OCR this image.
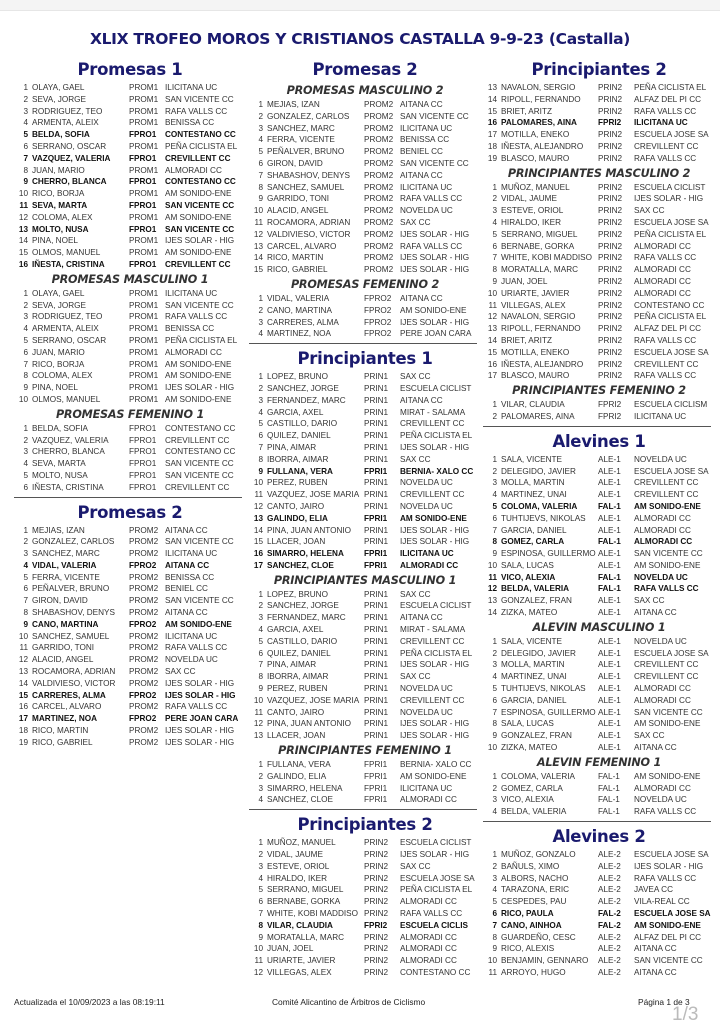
XLIX TROFEO MOROS Y CRISTIANOS CASTALLA 9-9-23 (Castalla)
Promesas 1
1 OLAYA, GAEL	PROM1 ILICITANA UC
2 SEVA, JORGE	PROM1 SAN VICENTE CC
3 RODRIGUEZ, TEO	PROM1 RAFA VALLS CC
4 ARMENTA, ALEIX	PROM1 BENISSA CC
5 BELDA, SOFIA	FPRO1	CONTESTANO CC
6 SERRANO, OSCAR	PROM1 PEÑA CICLISTA EL
7 VAZQUEZ, VALERIA	FPRO1	CREVILLENT CC
8 JUAN, MARIO	PROM1 ALMORADI CC
9 CHERRO, BLANCA	FPRO1	CONTESTANO CC
10 RICO, BORJA	PROM1 AM SONIDO-ENE
11 SEVA, MARTA	FPRO1	SAN VICENTE CC
12 COLOMA, ALEX	PROM1 AM SONIDO-ENE
13 MOLTO, NUSA	FPRO1	SAN VICENTE CC
14 PINA, NOEL	PROM1 IJES SOLAR - HIG
15 OLMOS, MANUEL	PROM1 AM SONIDO-ENE
16 IÑESTA, CRISTINA	FPRO1	CREVILLENT CC
PROMESAS MASCULINO 1
1 OLAYA, GAEL	PROM1 ILICITANA UC
2 SEVA, JORGE	PROM1 SAN VICENTE CC
3 RODRIGUEZ, TEO	PROM1 RAFA VALLS CC
4 ARMENTA, ALEIX	PROM1 BENISSA CC
5 SERRANO, OSCAR	PROM1 PEÑA CICLISTA EL
6 JUAN, MARIO	PROM1 ALMORADI CC
7 RICO, BORJA	PROM1 AM SONIDO-ENE
8 COLOMA, ALEX	PROM1 AM SONIDO-ENE
9 PINA, NOEL	PROM1 IJES SOLAR - HIG
10 OLMOS, MANUEL	PROM1 AM SONIDO-ENE
PROMESAS FEMENINO 1
1 BELDA, SOFIA	FPRO1	CONTESTANO CC
2 VAZQUEZ, VALERIA	FPRO1	CREVILLENT CC
3 CHERRO, BLANCA	FPRO1	CONTESTANO CC
4 SEVA, MARTA	FPRO1	SAN VICENTE CC
5 MOLTO, NUSA	FPRO1	SAN VICENTE CC
6 IÑESTA, CRISTINA	FPRO1	CREVILLENT CC
Promesas 2
1 MEJIAS, IZAN	PROM2 AITANA CC
2 GONZALEZ, CARLOS	PROM2 SAN VICENTE CC
3 SANCHEZ, MARC	PROM2 ILICITANA UC
4 VIDAL, VALERIA	FPRO2	AITANA CC
5 FERRA, VICENTE	PROM2 BENISSA CC
6 PEÑALVER, BRUNO	PROM2 BENIEL CC
7 GIRON, DAVID	PROM2 SAN VICENTE CC
8 SHABASHOV, DENYS	PROM2 AITANA CC
9 CANO, MARTINA	FPRO2	AM SONIDO-ENE
10 SANCHEZ, SAMUEL	PROM2 ILICITANA UC
11 GARRIDO, TONI	PROM2 RAFA VALLS CC
12 ALACID, ANGEL	PROM2 NOVELDA UC
13 ROCAMORA, ADRIAN	PROM2 SAX CC
14 VALDIVIESO, VICTOR	PROM2 IJES SOLAR - HIG
15 CARRERES, ALMA	FPRO2	IJES SOLAR - HIG
16 CARCEL, ALVARO	PROM2 RAFA VALLS CC
17 MARTINEZ, NOA	FPRO2	PERE JOAN CARA
18 RICO, MARTIN	PROM2 IJES SOLAR - HIG
19 RICO, GABRIEL	PROM2 IJES SOLAR - HIG
Promesas 2
PROMESAS MASCULINO 2
1 MEJIAS, IZAN	PROM2 AITANA CC
2 GONZALEZ, CARLOS	PROM2 SAN VICENTE CC
3 SANCHEZ, MARC	PROM2 ILICITANA UC
4 FERRA, VICENTE	PROM2 BENISSA CC
5 PEÑALVER, BRUNO	PROM2 BENIEL CC
6 GIRON, DAVID	PROM2 SAN VICENTE CC
7 SHABASHOV, DENYS	PROM2 AITANA CC
8 SANCHEZ, SAMUEL	PROM2 ILICITANA UC
9 GARRIDO, TONI	PROM2 RAFA VALLS CC
10 ALACID, ANGEL	PROM2 NOVELDA UC
11 ROCAMORA, ADRIAN	PROM2 SAX CC
12 VALDIVIESO, VICTOR	PROM2 IJES SOLAR - HIG
13 CARCEL, ALVARO	PROM2 RAFA VALLS CC
14 RICO, MARTIN	PROM2 IJES SOLAR - HIG
15 RICO, GABRIEL	PROM2 IJES SOLAR - HIG
PROMESAS FEMENINO 2
1 VIDAL, VALERIA	FPRO2	AITANA CC
2 CANO, MARTINA	FPRO2	AM SONIDO-ENE
3 CARRERES, ALMA	FPRO2	IJES SOLAR - HIG
4 MARTINEZ, NOA	FPRO2	PERE JOAN CARA
Principiantes 1
1 LOPEZ, BRUNO	PRIN1	SAX CC
2 SANCHEZ, JORGE	PRIN1	ESCUELA CICLIST
3 FERNANDEZ, MARC	PRIN1	AITANA CC
4 GARCIA, AXEL	PRIN1	MIRAT - SALAMA
5 CASTILLO, DARIO	PRIN1	CREVILLENT CC
6 QUILEZ, DANIEL	PRIN1	PEÑA CICLISTA EL
7 PINA, AIMAR	PRIN1	IJES SOLAR - HIG
8 IBORRA, AIMAR	PRIN1	SAX CC
9 FULLANA, VERA	FPRI1	BERNIA- XALO CC
10 PEREZ, RUBEN	PRIN1	NOVELDA UC
11 VAZQUEZ, JOSE MARIA PRIN1	CREVILLENT CC
12 CANTO, JAIRO	PRIN1	NOVELDA UC
13 GALINDO, ELIA	FPRI1	AM SONIDO-ENE
14 PINA, JUAN ANTONIO	PRIN1	IJES SOLAR - HIG
15 LLACER, JOAN	PRIN1	IJES SOLAR - HIG
16 SIMARRO, HELENA	FPRI1	ILICITANA UC
17 SANCHEZ, CLOE	FPRI1	ALMORADI CC
PRINCIPIANTES MASCULINO 1
1 LOPEZ, BRUNO	PRIN1	SAX CC
2 SANCHEZ, JORGE	PRIN1	ESCUELA CICLIST
3 FERNANDEZ, MARC	PRIN1	AITANA CC
4 GARCIA, AXEL	PRIN1	MIRAT - SALAMA
5 CASTILLO, DARIO	PRIN1	CREVILLENT CC
6 QUILEZ, DANIEL	PRIN1	PEÑA CICLISTA EL
7 PINA, AIMAR	PRIN1	IJES SOLAR - HIG
8 IBORRA, AIMAR	PRIN1	SAX CC
9 PEREZ, RUBEN	PRIN1	NOVELDA UC
10 VAZQUEZ, JOSE MARIA PRIN1	CREVILLENT CC
11 CANTO, JAIRO	PRIN1	NOVELDA UC
12 PINA, JUAN ANTONIO	PRIN1	IJES SOLAR - HIG
13 LLACER, JOAN	PRIN1	IJES SOLAR - HIG
PRINCIPIANTES FEMENINO 1
1 FULLANA, VERA	FPRI1	BERNIA- XALO CC
2 GALINDO, ELIA	FPRI1	AM SONIDO-ENE
3 SIMARRO, HELENA	FPRI1	ILICITANA UC
4 SANCHEZ, CLOE	FPRI1	ALMORADI CC
Principiantes 2
1 MUÑOZ, MANUEL	PRIN2	ESCUELA CICLIST
2 VIDAL, JAUME	PRIN2	IJES SOLAR - HIG
3 ESTEVE, ORIOL	PRIN2	SAX CC
4 HIRALDO, IKER	PRIN2	ESCUELA JOSE SA
5 SERRANO, MIGUEL	PRIN2	PEÑA CICLISTA EL
6 BERNABE, GORKA	PRIN2	ALMORADI CC
7 WHITE, KOBI MADDISO PRIN2	RAFA VALLS CC
8 VILAR, CLAUDIA	FPRI2	ESCUELA CICLIS
9 MORATALLA, MARC	PRIN2	ALMORADI CC
10 JUAN, JOEL	PRIN2	ALMORADI CC
11 URIARTE, JAVIER	PRIN2	ALMORADI CC
12 VILLEGAS, ALEX	PRIN2	CONTESTANO CC
Principiantes 2
13 NAVALON, SERGIO	PRIN2	PEÑA CICLISTA EL
14 RIPOLL, FERNANDO	PRIN2	ALFAZ DEL PI CC
15 BRIET, ARITZ	PRIN2	RAFA VALLS CC
16 PALOMARES, AINA	FPRI2	ILICITANA UC
17 MOTILLA, ENEKO	PRIN2	ESCUELA JOSE SA
18 IÑESTA, ALEJANDRO	PRIN2	CREVILLENT CC
19 BLASCO, MAURO	PRIN2	RAFA VALLS CC
PRINCIPIANTES MASCULINO 2
1 MUÑOZ, MANUEL	PRIN2	ESCUELA CICLIST
2 VIDAL, JAUME	PRIN2	IJES SOLAR - HIG
3 ESTEVE, ORIOL	PRIN2	SAX CC
4 HIRALDO, IKER	PRIN2	ESCUELA JOSE SA
5 SERRANO, MIGUEL	PRIN2	PEÑA CICLISTA EL
6 BERNABE, GORKA	PRIN2	ALMORADI CC
7 WHITE, KOBI MADDISO PRIN2	RAFA VALLS CC
8 MORATALLA, MARC	PRIN2	ALMORADI CC
9 JUAN, JOEL	PRIN2	ALMORADI CC
10 URIARTE, JAVIER	PRIN2	ALMORADI CC
11 VILLEGAS, ALEX	PRIN2	CONTESTANO CC
12 NAVALON, SERGIO	PRIN2	PEÑA CICLISTA EL
13 RIPOLL, FERNANDO	PRIN2	ALFAZ DEL PI CC
14 BRIET, ARITZ	PRIN2	RAFA VALLS CC
15 MOTILLA, ENEKO	PRIN2	ESCUELA JOSE SA
16 IÑESTA, ALEJANDRO	PRIN2	CREVILLENT CC
17 BLASCO, MAURO	PRIN2	RAFA VALLS CC
PRINCIPIANTES FEMENINO 2
1 VILAR, CLAUDIA	FPRI2	ESCUELA CICLISM
2 PALOMARES, AINA	FPRI2	ILICITANA UC
Alevines 1
1 SALA, VICENTE	ALE-1	NOVELDA UC
2 DELEGIDO, JAVIER	ALE-1	ESCUELA JOSE SA
3 MOLLA, MARTIN	ALE-1	CREVILLENT CC
4 MARTINEZ, UNAI	ALE-1	CREVILLENT CC
5 COLOMA, VALERIA	FAL-1	AM SONIDO-ENE
6 TUHTIJEVS, NIKOLAS	ALE-1	ALMORADI CC
7 GARCIA, DANIEL	ALE-1	ALMORADI CC
8 GOMEZ, CARLA	FAL-1	ALMORADI CC
9 ESPINOSA, GUILLERMO ALE-1	SAN VICENTE CC
10 SALA, LUCAS	ALE-1	AM SONIDO-ENE
11 VICO, ALEXIA	FAL-1	NOVELDA UC
12 BELDA, VALERIA	FAL-1	RAFA VALLS CC
13 GONZALEZ, FRAN	ALE-1	SAX CC
14 ZIZKA, MATEO	ALE-1	AITANA CC
ALEVIN MASCULINO 1
1 SALA, VICENTE	ALE-1	NOVELDA UC
2 DELEGIDO, JAVIER	ALE-1	ESCUELA JOSE SA
3 MOLLA, MARTIN	ALE-1	CREVILLENT CC
4 MARTINEZ, UNAI	ALE-1	CREVILLENT CC
5 TUHTIJEVS, NIKOLAS	ALE-1	ALMORADI CC
6 GARCIA, DANIEL	ALE-1	ALMORADI CC
7 ESPINOSA, GUILLERMO ALE-1	SAN VICENTE CC
8 SALA, LUCAS	ALE-1	AM SONIDO-ENE
9 GONZALEZ, FRAN	ALE-1	SAX CC
10 ZIZKA, MATEO	ALE-1	AITANA CC
ALEVIN FEMENINO 1
1 COLOMA, VALERIA	FAL-1	AM SONIDO-ENE
2 GOMEZ, CARLA	FAL-1	ALMORADI CC
3 VICO, ALEXIA	FAL-1	NOVELDA UC
4 BELDA, VALERIA	FAL-1	RAFA VALLS CC
Alevines 2
1 MUÑOZ, GONZALO	ALE-2	ESCUELA JOSE SA
2 BAÑULS, XIMO	ALE-2	IJES SOLAR - HIG
3 ALBORS, NACHO	ALE-2	RAFA VALLS CC
4 TARAZONA, ERIC	ALE-2	JAVEA CC
5 CESPEDES, PAU	ALE-2	VILA-REAL CC
6 RICO, PAULA	FAL-2	ESCUELA JOSE SA
7 CANO, AINHOA	FAL-2	AM SONIDO-ENE
8 GUARDEÑO, CESC	ALE-2	ALFAZ DEL PI CC
9 RICO, ALEXIS	ALE-2	AITANA CC
10 BENJAMIN, GENNARO	ALE-2	SAN VICENTE CC
11 ARROYO, HUGO	ALE-2	AITANA CC
Actualizada el 10/09/2023 a las 08:19:11	Comité Alicantino de Árbitros de Ciclismo	Página 1 de 3
1/3
